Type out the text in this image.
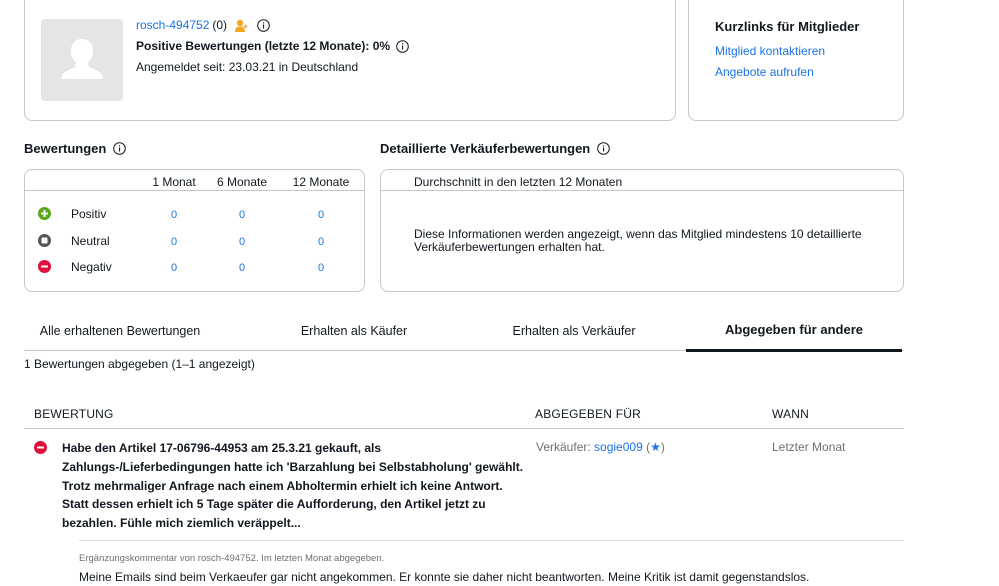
rosch-494752 (0)
Positive Bewertungen (letzte 12 Monate): 0%
Angemeldet seit: 23.03.21 in Deutschland
Kurzlinks für Mitglieder
Mitglied kontaktieren
Angebote aufrufen
Bewertungen	Detaillierte Verkäuferbewertungen
1 Monat	6 Monate	12 Monate
Positiv	0	0	0
Neutral	0	0	0
Negativ	0	0	0
Durchschnitt in den letzten 12 Monaten
Diese Informationen werden angezeigt, wenn das Mitglied mindestens 10 detaillierte Verkäuferbewertungen erhalten hat.
Alle erhaltenen Bewertungen	Erhalten als Käufer	Erhalten als Verkäufer	Abgegeben für andere
1 Bewertungen abgegeben (1–1 angezeigt)
BEWERTUNG	ABGEGEBEN FÜR	WANN
Habe den Artikel 17-06796-44953 am 25.3.21 gekauft, als Zahlungs-/Lieferbedingungen hatte ich 'Barzahlung bei Selbstabholung' gewählt. Trotz mehrmaliger Anfrage nach einem Abholtermin erhielt ich keine Antwort. Statt dessen erhielt ich 5 Tage später die Aufforderung, den Artikel jetzt zu bezahlen. Fühle mich ziemlich veräppelt...
Verkäufer: sogie009 (★)	Letzter Monat
Ergänzungskommentar von rosch-494752. Im letzten Monat abgegeben.
Meine Emails sind beim Verkaeufer gar nicht angekommen. Er konnte sie daher nicht beantworten. Meine Kritik ist damit gegenstandslos.
